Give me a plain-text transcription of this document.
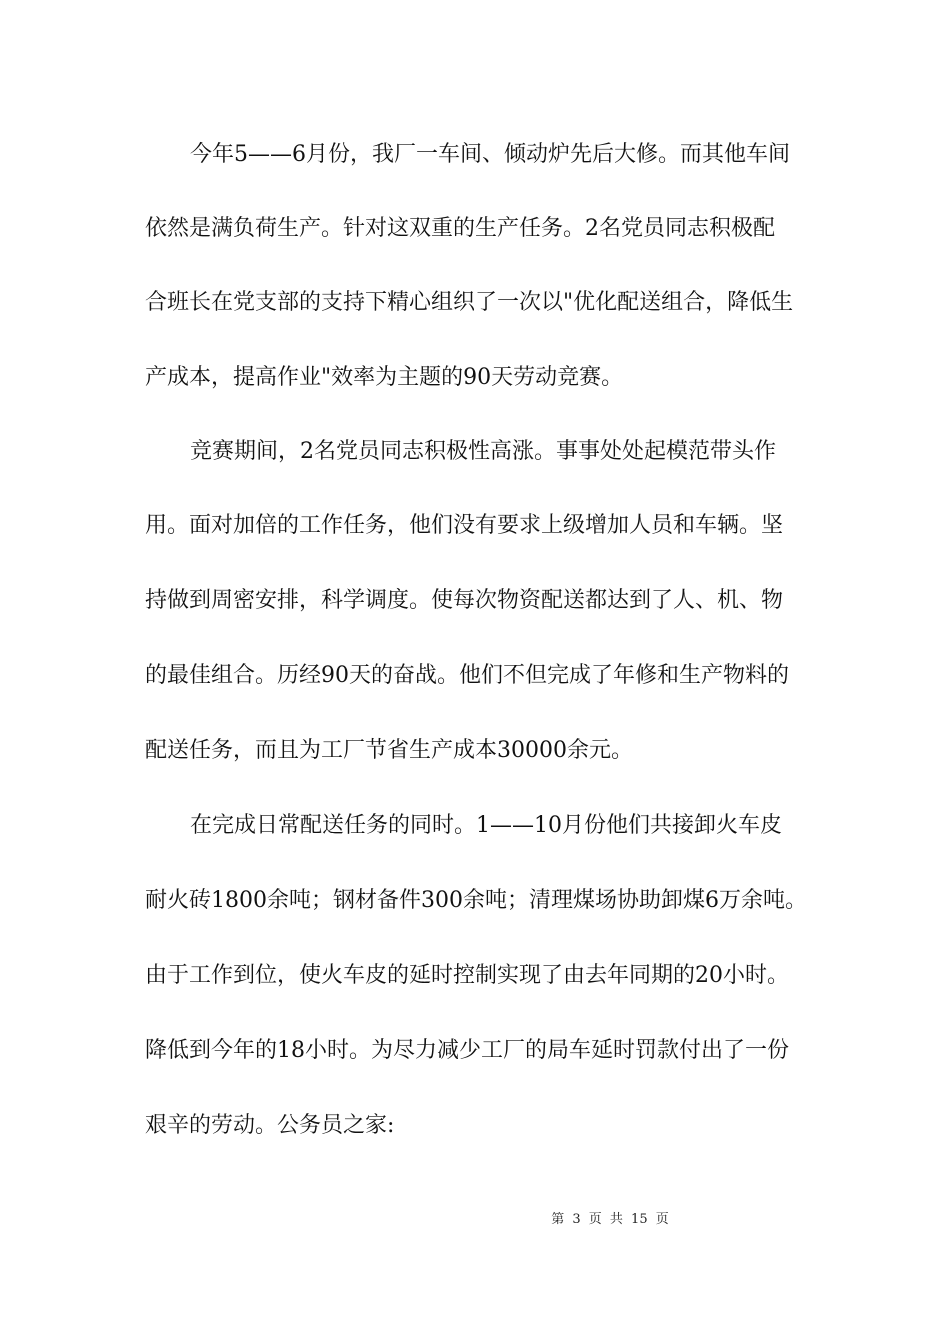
今年5——6月份，我厂一车间、倾动炉先后大修。而其他车间
依然是满负荷生产。针对这双重的生产任务。2名党员同志积极配
合班长在党支部的支持下精心组织了一次以"优化配送组合，降低生
产成本，提高作业"效率为主题的90天劳动竞赛。
竞赛期间，2名党员同志积极性高涨。事事处处起模范带头作
用。面对加倍的工作任务，他们没有要求上级增加人员和车辆。坚
持做到周密安排，科学调度。使每次物资配送都达到了人、机、物
的最佳组合。历经90天的奋战。他们不但完成了年修和生产物料的
配送任务，而且为工厂节省生产成本30000余元。
在完成日常配送任务的同时。1——10月份他们共接卸火车皮
耐火砖1800余吨；钢材备件300余吨；清理煤场协助卸煤6万余吨。
由于工作到位，使火车皮的延时控制实现了由去年同期的20小时。
降低到今年的18小时。为尽力减少工厂的局车延时罚款付出了一份
艰辛的劳动。公务员之家:
第 3 页 共 15 页
